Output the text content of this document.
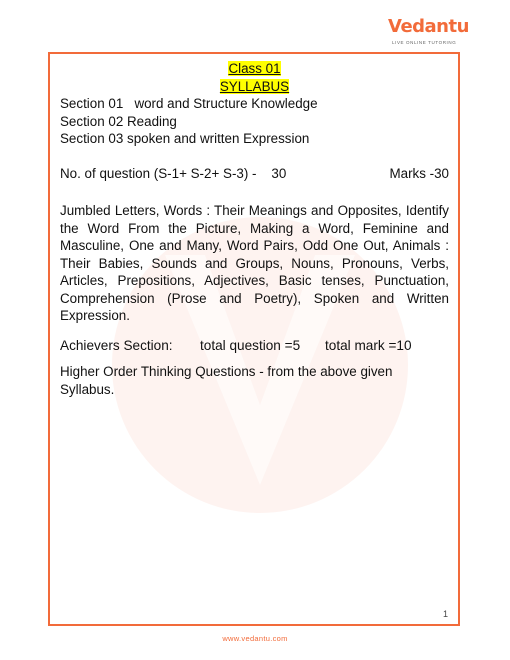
Vedantu
LIVE ONLINE TUTORING
Class 01
SYLLABUS
Section 01   word and Structure Knowledge
Section 02 Reading
Section 03 spoken and written Expression
No. of question (S-1+ S-2+ S-3) -    30	Marks -30
Jumbled Letters, Words : Their Meanings and Opposites, Identify the Word From the Picture, Making a Word, Feminine and Masculine, One and Many, Word Pairs, Odd One Out, Animals : Their Babies, Sounds and Groups, Nouns, Pronouns, Verbs, Articles, Prepositions, Adjectives, Basic tenses, Punctuation, Comprehension (Prose and Poetry), Spoken and Written Expression.
Achievers Section:	total question =5	total mark =10
Higher Order Thinking Questions - from the above given
Syllabus.
1
www.vedantu.com
